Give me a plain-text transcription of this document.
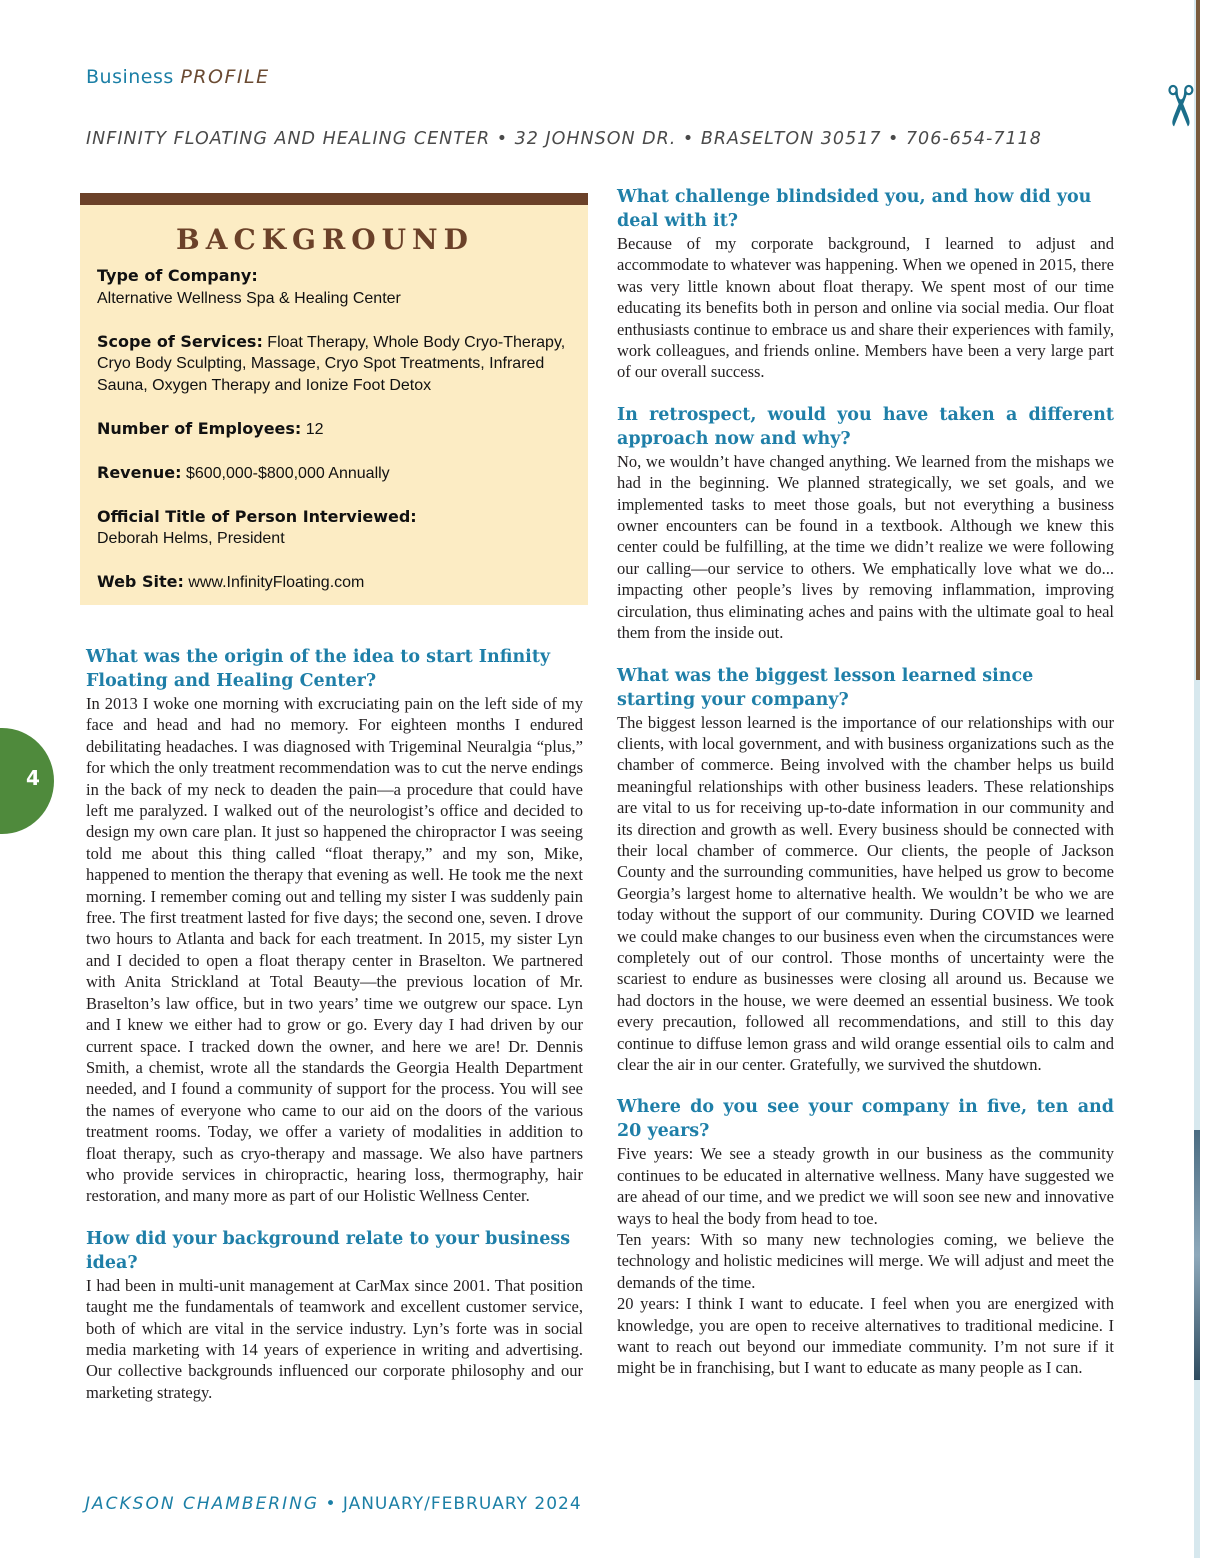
✂
Business PROFILE
INFINITY FLOATING AND HEALING CENTER • 32 JOHNSON DR. • BRASELTON 30517 • 706-654-7118
BACKGROUND
Type of Company:
Alternative Wellness Spa & Healing Center
Scope of Services: Float Therapy, Whole Body Cryo-Therapy, Cryo Body Sculpting, Massage, Cryo Spot Treatments, Infrared Sauna, Oxygen Therapy and Ionize Foot Detox
Number of Employees: 12
Revenue: $600,000-$800,000 Annually
Official Title of Person Interviewed:
Deborah Helms, President
Web Site: www.InfinityFloating.com
What was the origin of the idea to start Infinity Floating and Healing Center?

In 2013 I woke one morning with excruciating pain on the left side of my face and head and had no memory. For eighteen months I endured debilitating headaches. I was diagnosed with Trigeminal Neuralgia “plus,” for which the only treatment recommendation was to cut the nerve endings in the back of my neck to deaden the pain—a procedure that could have left me paralyzed. I walked out of the neurologist’s office and decided to design my own care plan. It just so happened the chiropractor I was seeing told me about this thing called “float therapy,” and my son, Mike, happened to mention the therapy that evening as well. He took me the next morning. I remember coming out and telling my sister I was suddenly pain free. The first treatment lasted for five days; the second one, seven. I drove two hours to Atlanta and back for each treatment. In 2015, my sister Lyn and I decided to open a float therapy center in Braselton. We partnered with Anita Strickland at Total Beauty—the previous location of Mr. Braselton’s law office, but in two years’ time we outgrew our space. Lyn and I knew we either had to grow or go. Every day I had driven by our current space. I tracked down the owner, and here we are! Dr. Dennis Smith, a chemist, wrote all the standards the Georgia Health Department needed, and I found a community of support for the process. You will see the names of everyone who came to our aid on the doors of the various treatment rooms. Today, we offer a variety of modalities in addition to float therapy, such as cryo-therapy and massage. We also have partners who provide services in chiropractic, hearing loss, thermography, hair restoration, and many more as part of our Holistic Wellness Center.

How did your background relate to your business idea?

I had been in multi-unit management at CarMax since 2001. That position taught me the fundamentals of teamwork and excellent customer service, both of which are vital in the service industry. Lyn’s forte was in social media marketing with 14 years of experience in writing and advertising. Our collective backgrounds influenced our corporate philosophy and our marketing strategy.

What challenge blindsided you, and how did you deal with it?

Because of my corporate background, I learned to adjust and accommodate to whatever was happening. When we opened in 2015, there was very little known about float therapy. We spent most of our time educating its benefits both in person and online via social media. Our float enthusiasts continue to embrace us and share their experiences with family, work colleagues, and friends online. Members have been a very large part of our overall success.

In retrospect, would you have taken a different approach now and why?

No, we wouldn’t have changed anything. We learned from the mishaps we had in the beginning. We planned strategically, we set goals, and we implemented tasks to meet those goals, but not everything a business owner encounters can be found in a textbook. Although we knew this center could be fulfilling, at the time we didn’t realize we were following our calling—our service to others. We emphatically love what we do... impacting other people’s lives by removing inflammation, improving circulation, thus eliminating aches and pains with the ultimate goal to heal them from the inside out.

What was the biggest lesson learned since starting your company?

The biggest lesson learned is the importance of our relationships with our clients, with local government, and with business organizations such as the chamber of commerce. Being involved with the chamber helps us build meaningful relationships with other business leaders. These relationships are vital to us for receiving up-to-date information in our community and its direction and growth as well. Every business should be connected with their local chamber of commerce. Our clients, the people of Jackson County and the surrounding communities, have helped us grow to become Georgia’s largest home to alternative health. We wouldn’t be who we are today without the support of our community. During COVID we learned we could make changes to our business even when the circumstances were completely out of our control. Those months of uncertainty were the scariest to endure as businesses were closing all around us. Because we had doctors in the house, we were deemed an essential business. We took every precaution, followed all recommendations, and still to this day continue to diffuse lemon grass and wild orange essential oils to calm and clear the air in our center. Gratefully, we survived the shutdown.

Where do you see your company in five, ten and 20 years?

Five years: We see a steady growth in our business as the community continues to be educated in alternative wellness. Many have suggested we are ahead of our time, and we predict we will soon see new and innovative ways to heal the body from head to toe.

Ten years: With so many new technologies coming, we believe the technology and holistic medicines will merge. We will adjust and meet the demands of the time.

20 years: I think I want to educate. I feel when you are energized with knowledge, you are open to receive alternatives to traditional medicine. I want to reach out beyond our immediate community. I’m not sure if it might be in franchising, but I want to educate as many people as I can.

4
JACKSON CHAMBERING • JANUARY/FEBRUARY 2024
